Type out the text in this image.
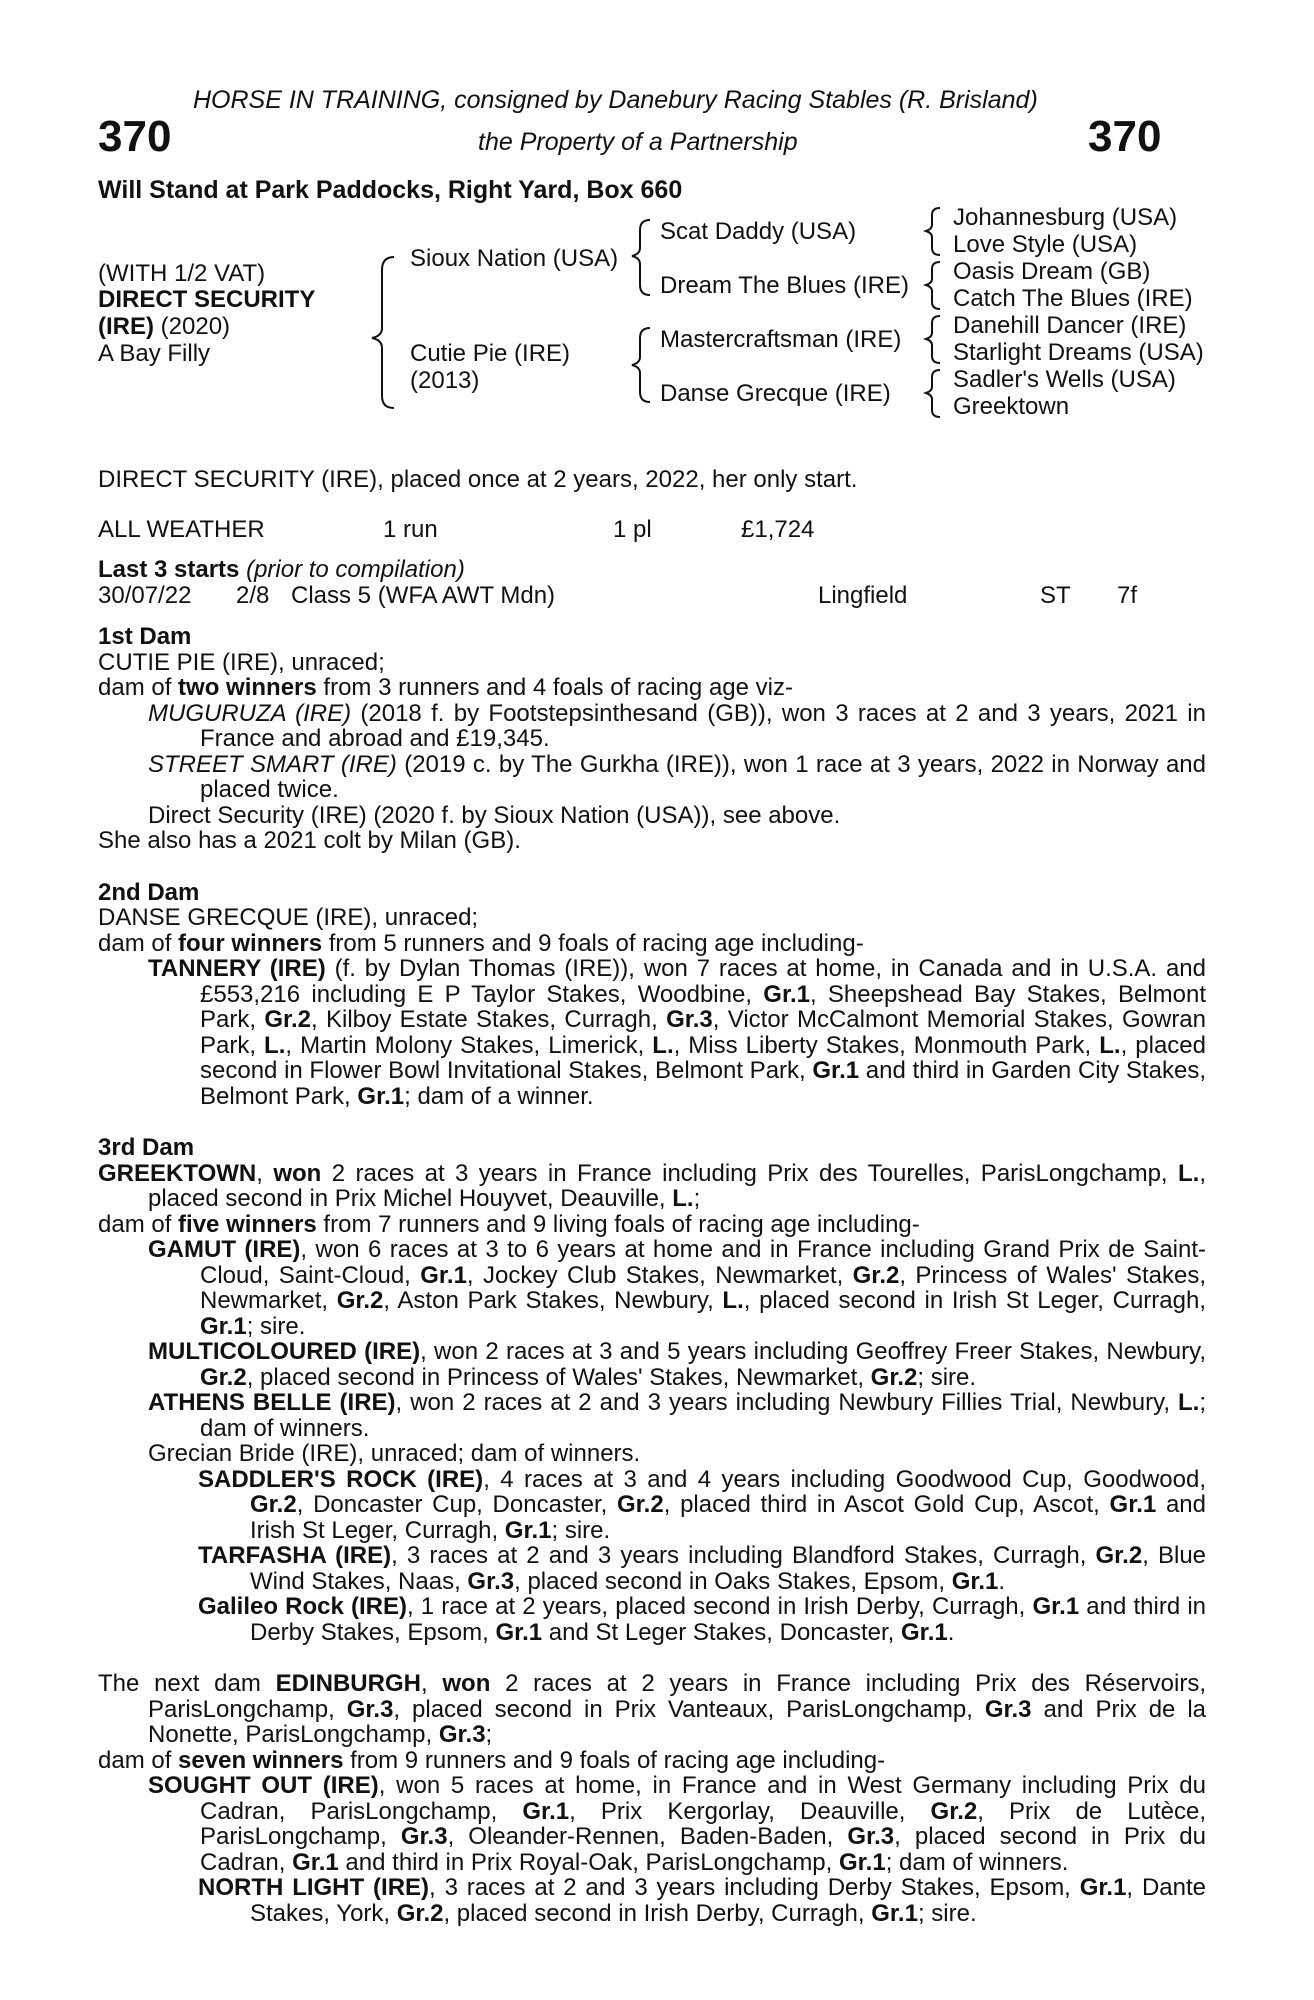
HORSE IN TRAINING, consigned by Danebury Racing Stables (R. Brisland)
370	the Property of a Partnership	370
Will Stand at Park Paddocks, Right Yard, Box 660
(WITH 1/2 VAT)
DIRECT SECURITY
(IRE) (2020)
A Bay Filly
Sioux Nation (USA)
Cutie Pie (IRE)
(2013)
Scat Daddy (USA)
Dream The Blues (IRE)
Mastercraftsman (IRE)
Danse Grecque (IRE)
Johannesburg (USA)
Love Style (USA)
Oasis Dream (GB)
Catch The Blues (IRE)
Danehill Dancer (IRE)
Starlight Dreams (USA)
Sadler's Wells (USA)
Greektown
DIRECT SECURITY (IRE), placed once at 2 years, 2022, her only start.
ALL WEATHER	1 run	1 pl	£1,724
Last 3 starts (prior to compilation)
30/07/22 2/8 Class 5 (WFA AWT Mdn)	Lingfield	ST 7f
1st Dam
CUTIE PIE (IRE), unraced;
dam of two winners from 3 runners and 4 foals of racing age viz-
MUGURUZA (IRE) (2018 f. by Footstepsinthesand (GB)), won 3 races at 2 and 3 years, 2021 in France and abroad and £19,345.
STREET SMART (IRE) (2019 c. by The Gurkha (IRE)), won 1 race at 3 years, 2022 in Norway and placed twice.
Direct Security (IRE) (2020 f. by Sioux Nation (USA)), see above.
She also has a 2021 colt by Milan (GB).
2nd Dam
DANSE GRECQUE (IRE), unraced;
dam of four winners from 5 runners and 9 foals of racing age including-
TANNERY (IRE) (f. by Dylan Thomas (IRE)), won 7 races at home, in Canada and in U.S.A. and £553,216 including E P Taylor Stakes, Woodbine, Gr.1, Sheepshead Bay Stakes, Belmont Park, Gr.2, Kilboy Estate Stakes, Curragh, Gr.3, Victor McCalmont Memorial Stakes, Gowran Park, L., Martin Molony Stakes, Limerick, L., Miss Liberty Stakes, Monmouth Park, L., placed second in Flower Bowl Invitational Stakes, Belmont Park, Gr.1 and third in Garden City Stakes, Belmont Park, Gr.1; dam of a winner.
3rd Dam
GREEKTOWN, won 2 races at 3 years in France including Prix des Tourelles, ParisLongchamp, L., placed second in Prix Michel Houyvet, Deauville, L.;
dam of five winners from 7 runners and 9 living foals of racing age including-
GAMUT (IRE), won 6 races at 3 to 6 years at home and in France including Grand Prix de Saint-Cloud, Saint-Cloud, Gr.1, Jockey Club Stakes, Newmarket, Gr.2, Princess of Wales' Stakes, Newmarket, Gr.2, Aston Park Stakes, Newbury, L., placed second in Irish St Leger, Curragh, Gr.1; sire.
MULTICOLOURED (IRE), won 2 races at 3 and 5 years including Geoffrey Freer Stakes, Newbury, Gr.2, placed second in Princess of Wales' Stakes, Newmarket, Gr.2; sire.
ATHENS BELLE (IRE), won 2 races at 2 and 3 years including Newbury Fillies Trial, Newbury, L.; dam of winners.
Grecian Bride (IRE), unraced; dam of winners.
SADDLER'S ROCK (IRE), 4 races at 3 and 4 years including Goodwood Cup, Goodwood, Gr.2, Doncaster Cup, Doncaster, Gr.2, placed third in Ascot Gold Cup, Ascot, Gr.1 and Irish St Leger, Curragh, Gr.1; sire.
TARFASHA (IRE), 3 races at 2 and 3 years including Blandford Stakes, Curragh, Gr.2, Blue Wind Stakes, Naas, Gr.3, placed second in Oaks Stakes, Epsom, Gr.1.
Galileo Rock (IRE), 1 race at 2 years, placed second in Irish Derby, Curragh, Gr.1 and third in Derby Stakes, Epsom, Gr.1 and St Leger Stakes, Doncaster, Gr.1.
The next dam EDINBURGH, won 2 races at 2 years in France including Prix des Réservoirs, ParisLongchamp, Gr.3, placed second in Prix Vanteaux, ParisLongchamp, Gr.3 and Prix de la Nonette, ParisLongchamp, Gr.3;
dam of seven winners from 9 runners and 9 foals of racing age including-
SOUGHT OUT (IRE), won 5 races at home, in France and in West Germany including Prix du Cadran, ParisLongchamp, Gr.1, Prix Kergorlay, Deauville, Gr.2, Prix de Lutèce, ParisLongchamp, Gr.3, Oleander-Rennen, Baden-Baden, Gr.3, placed second in Prix du Cadran, Gr.1 and third in Prix Royal-Oak, ParisLongchamp, Gr.1; dam of winners.
NORTH LIGHT (IRE), 3 races at 2 and 3 years including Derby Stakes, Epsom, Gr.1, Dante Stakes, York, Gr.2, placed second in Irish Derby, Curragh, Gr.1; sire.
